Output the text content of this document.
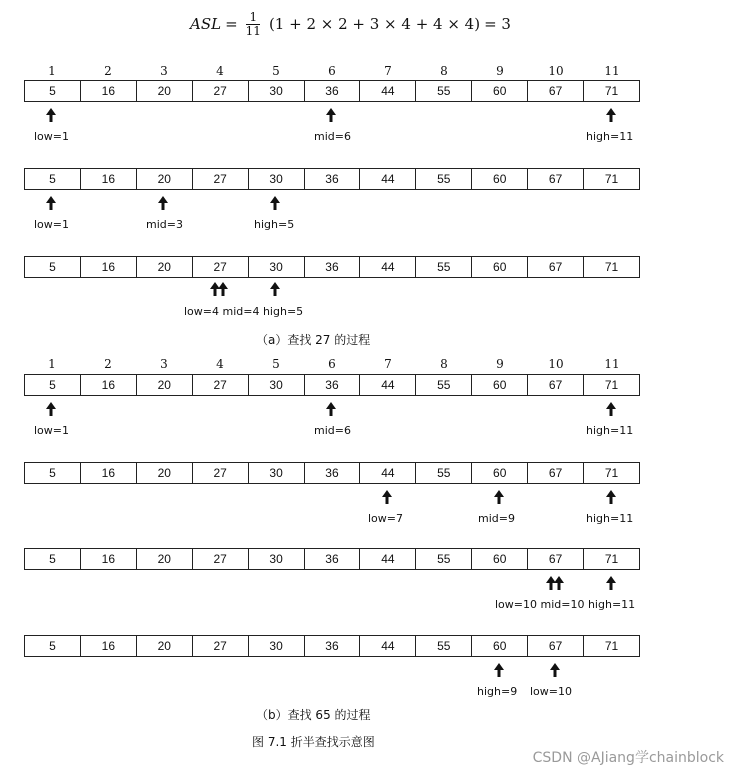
ASL = $\frac{1}{11} (1 + 2 \times 2 + 3 \times 4 + 4 \times 4) = 3$
1	2	3	4	5	6	7	8	9	10	11
5	16	20	27	30	36	44	55	60	67	71
low=1	mid=6	high=11
5	16	20	27	30	36	44	55	60	67	71
low=1	mid=3	high=5
5	16	20	27	30	36	44	55	60	67	71
low=4 mid=4 high=5
（a）查找 27 的过程
1	2	3	4	5	6	7	8	9	10	11
5	16	20	27	30	36	44	55	60	67	71
low=1	mid=6	high=11
5	16	20	27	30	36	44	55	60	67	71
low=7	mid=9	high=11
5	16	20	27	30	36	44	55	60	67	71
low=10 mid=10 high=11
5	16	20	27	30	36	44	55	60	67	71
high=9 low=10
（b）查找 65 的过程
图 7.1 折半查找示意图
CSDN @AJiang学chainblock
